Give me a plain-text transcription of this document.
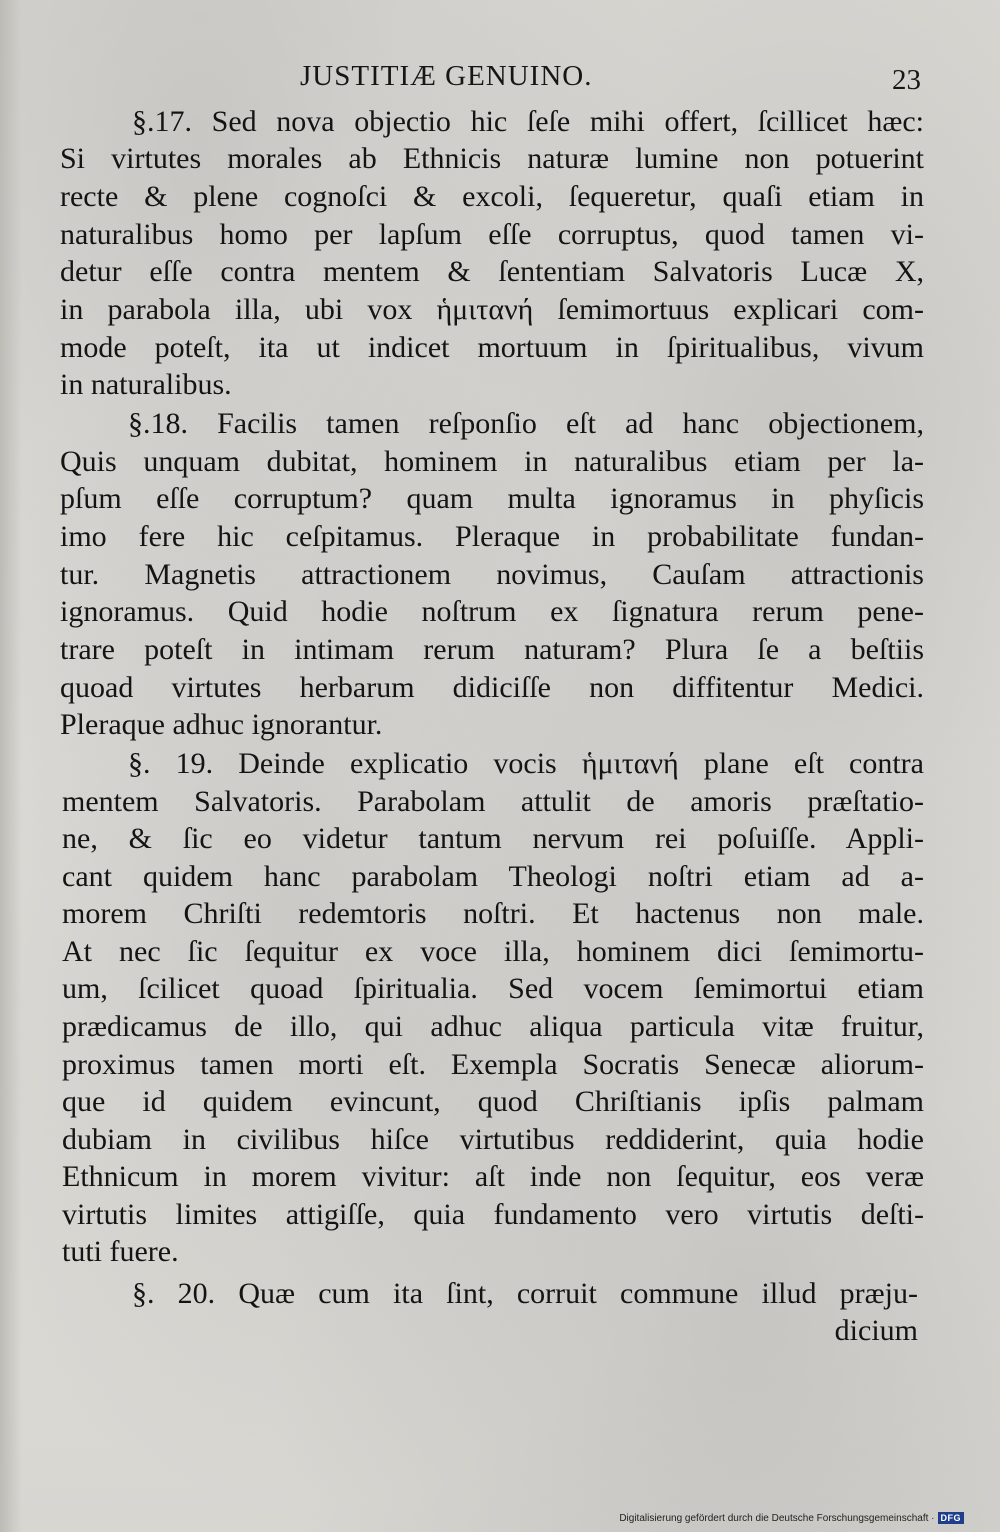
JUSTITIÆ GENUINO.	23
§.17. Sed nova objectio hic ſeſe mihi offert, ſcillicet hæc:
Si virtutes morales ab Ethnicis naturæ lumine non potuerint
recte & plene cognoſci & excoli, ſequeretur, quaſi etiam in
naturalibus homo per lapſum eſſe corruptus, quod tamen vi-
detur eſſe contra mentem & ſententiam Salvatoris Lucæ X,
in parabola illa, ubi vox ἡμιτανή ſemimortuus explicari com-
mode poteſt, ita ut indicet mortuum in ſpiritualibus, vivum
in naturalibus.
§.18. Facilis tamen reſponſio eſt ad hanc objectionem,
Quis unquam dubitat, hominem in naturalibus etiam per la-
pſum eſſe corruptum? quam multa ignoramus in phyſicis
imo fere hic ceſpitamus. Pleraque in probabilitate fundan-
tur. Magnetis attractionem novimus, Cauſam attractionis
ignoramus. Quid hodie noſtrum ex ſignatura rerum pene-
trare poteſt in intimam rerum naturam? Plura ſe a beſtiis
quoad virtutes herbarum didiciſſe non diffitentur Medici.
Pleraque adhuc ignorantur.
§. 19. Deinde explicatio vocis ἡμιτανή plane eſt contra
mentem Salvatoris. Parabolam attulit de amoris præſtatio-
ne, & ſic eo videtur tantum nervum rei poſuiſſe. Appli-
cant quidem hanc parabolam Theologi noſtri etiam ad a-
morem Chriſti redemtoris noſtri. Et hactenus non male.
At nec ſic ſequitur ex voce illa, hominem dici ſemimortu-
um, ſcilicet quoad ſpiritualia. Sed vocem ſemimortui etiam
prædicamus de illo, qui adhuc aliqua particula vitæ fruitur,
proximus tamen morti eſt. Exempla Socratis Senecæ aliorum-
que id quidem evincunt, quod Chriſtianis ipſis palmam
dubiam in civilibus hiſce virtutibus reddiderint, quia hodie
Ethnicum in morem vivitur: aſt inde non ſequitur, eos veræ
virtutis limites attigiſſe, quia fundamento vero virtutis deſti-
tuti fuere.
§. 20. Quæ cum ita ſint, corruit commune illud præju-
dicium
Digitalisierung gefördert durch die Deutsche Forschungsgemeinschaft · DFG
